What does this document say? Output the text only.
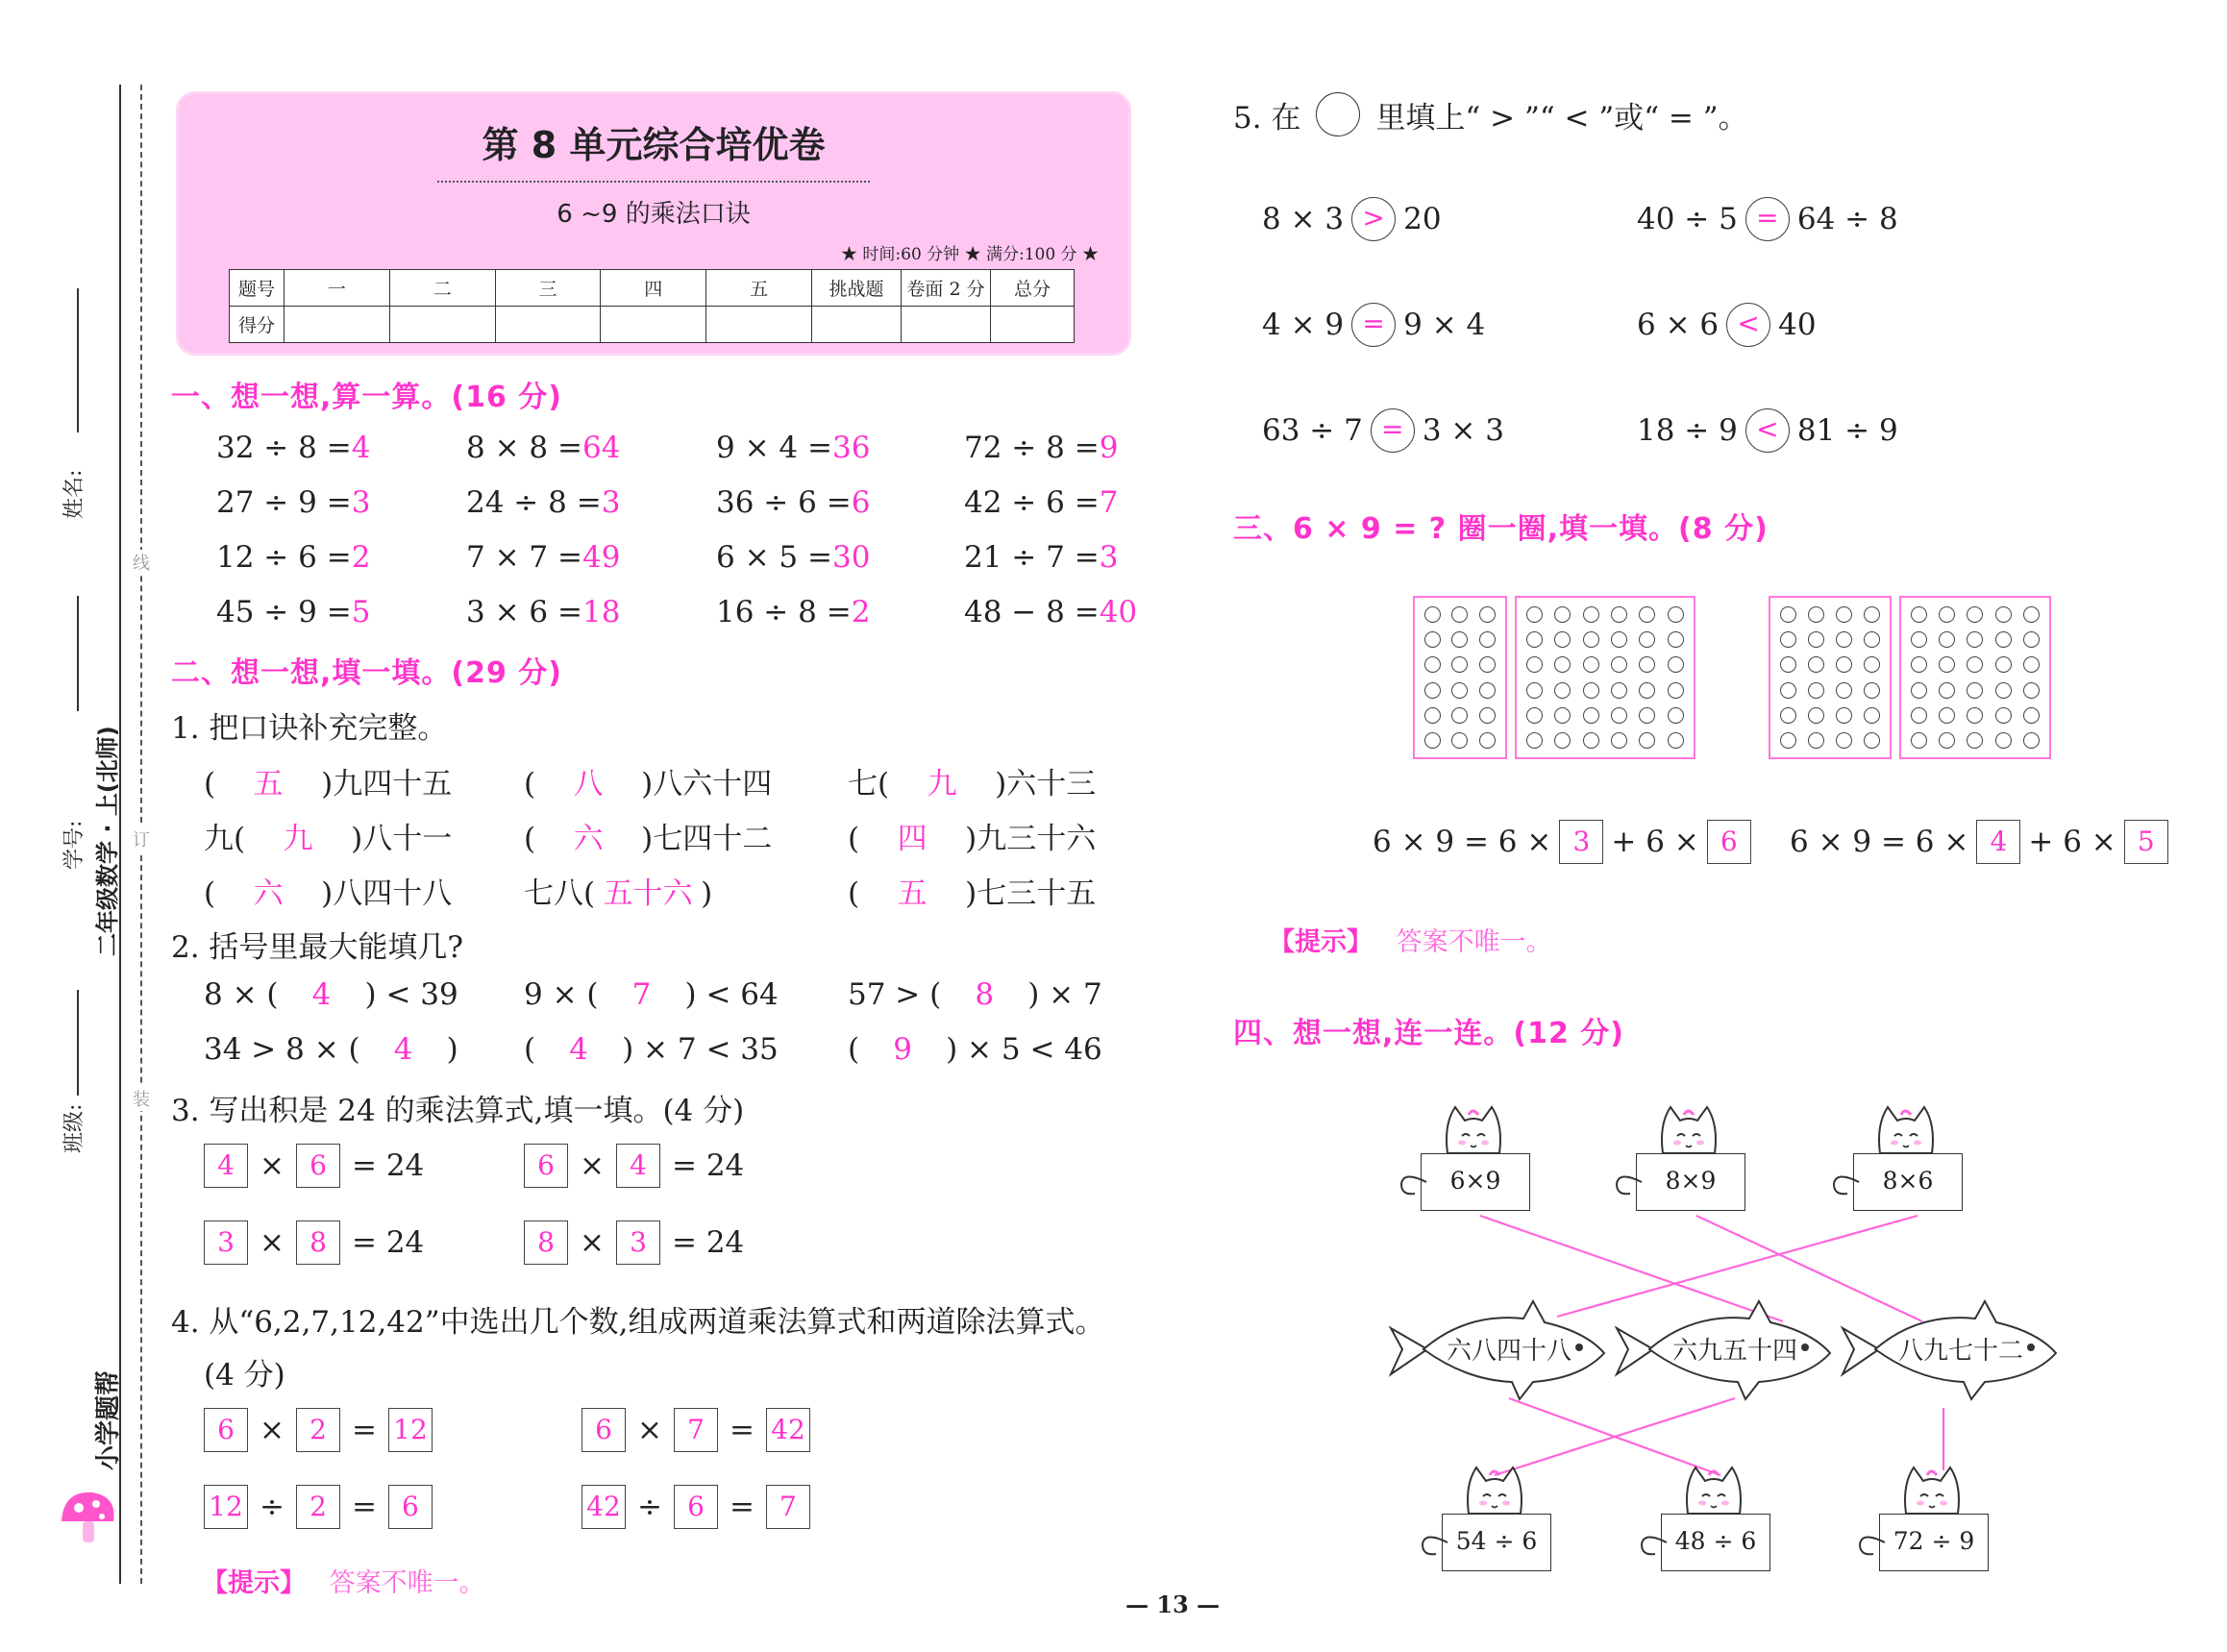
姓名:
学号:
班级:
二年级数学 · 上(北师)
小学题帮
装
订
线
第 8 单元综合培优卷
6 ~9 的乘法口诀
★ 时间:60 分钟 ★ 满分:100 分 ★
题号	一	二	三	四	五	挑战题	卷面 2 分	总分
得分								
一、想一想,算一算。(16 分)
32 ÷ 8 =4	8 × 8 =64	9 × 4 =36	72 ÷ 8 =9
27 ÷ 9 =3	24 ÷ 8 =3	36 ÷ 6 =6	42 ÷ 6 =7
12 ÷ 6 =2	7 × 7 =49	6 × 5 =30	21 ÷ 7 =3
45 ÷ 9 =5	3 × 6 =18	16 ÷ 8 =2	48 − 8 =40
二、想一想,填一填。(29 分)
1. 把口诀补充完整。
( 五 )九四十五 ( 八 )八六十四	七( 九 )六十三
九( 九 )八十一 ( 六 )七四十二	( 四 )九三十六
( 六 )八四十八 七八( 五十六 )	( 五 )七三十五
2. 括号里最大能填几?
8 × ( 4 ) < 39 9 × ( 7 ) < 64 57 > ( 8 ) × 7
34 > 8 × ( 4 ) ( 4 ) × 7 < 35 ( 9 ) × 5 < 46
3. 写出积是 24 的乘法算式,填一填。(4 分)
4 × 6 = 24	6 × 4 = 24
3 × 8 = 24	8 × 3 = 24
4. 从“6,2,7,12,42”中选出几个数,组成两道乘法算式和两道除法算式。
(4 分)
6 × 2 = 12	6 × 7 = 42
12 ÷ 2 = 6	42 ÷ 6 = 7
【提示】 答案不唯一。
5. 在	里填上“ > ”“ < ”或“ = ”。
8 × 3 > 20	40 ÷ 5 = 64 ÷ 8
4 × 9 = 9 × 4	6 × 6 < 40
63 ÷ 7 = 3 × 3	18 ÷ 9 < 81 ÷ 9
三、6 × 9 = ? 圈一圈,填一填。(8 分)
6 × 9 = 6 × 3 + 6 × 6	6 × 9 = 6 × 4 + 6 × 5
【提示】 答案不唯一。
四、想一想,连一连。(12 分)
6×9	8×9	8×6
六八四十八	六九五十四	八九七十二
54 ÷ 6	48 ÷ 6	72 ÷ 9
— 13 —
